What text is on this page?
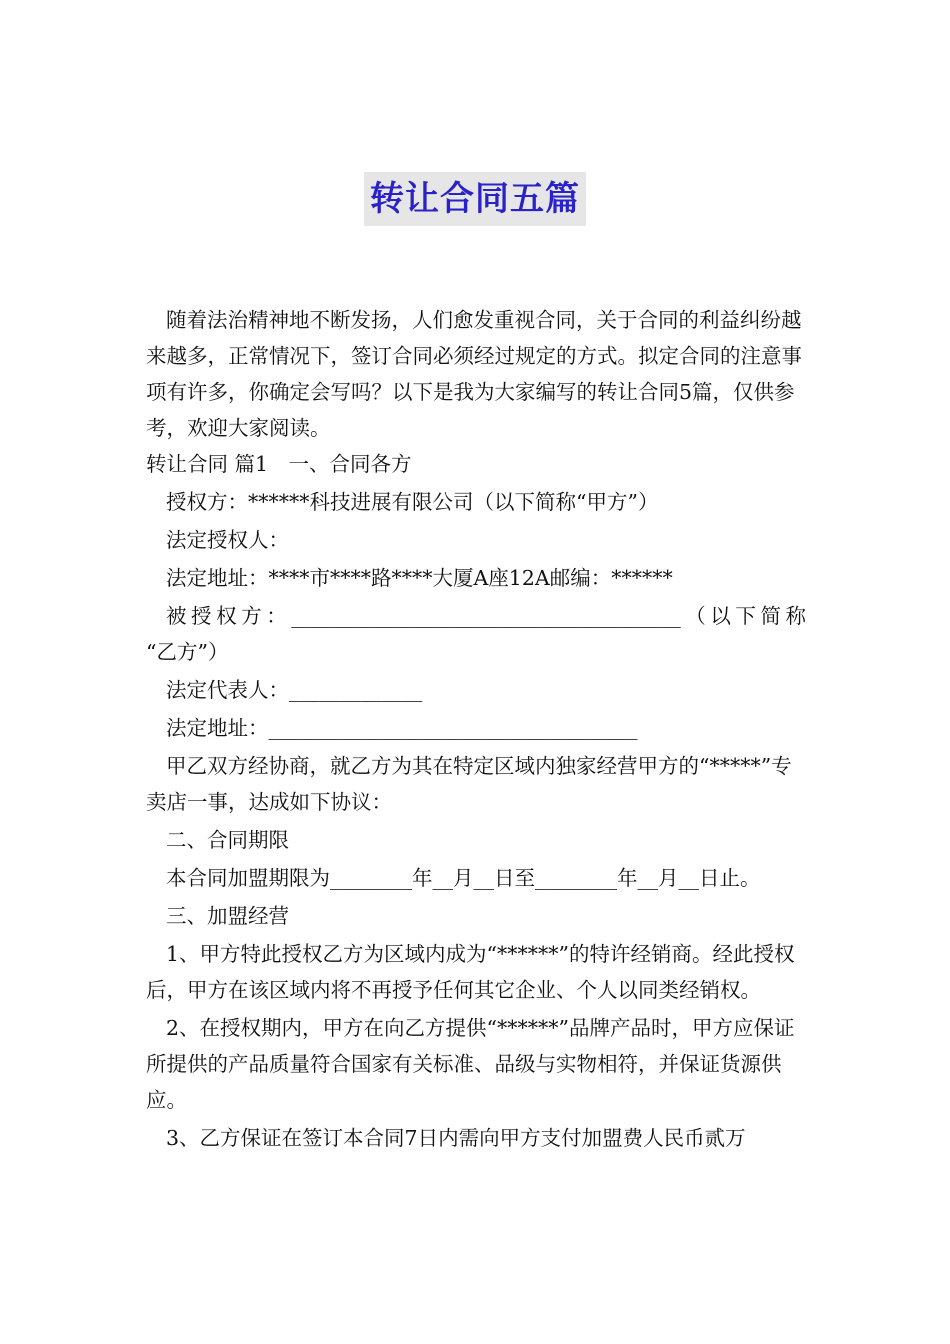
转让合同五篇

随着法治精神地不断发扬，人们愈发重视合同，关于合同的利益纠纷越来越多，正常情况下，签订合同必须经过规定的方式。拟定合同的注意事项有许多，你确定会写吗？以下是我为大家编写的转让合同5篇，仅供参考，欢迎大家阅读。

转让合同 篇1　一、合同各方

授权方：******科技进展有限公司（以下简称“甲方”）

法定授权人：

法定地址：****市****路****大厦A座12A邮编：******

被授权方：______________________________________（以下简称

“乙方”）

法定代表人：_____________

法定地址：____________________________________

甲乙双方经协商，就乙方为其在特定区域内独家经营甲方的“*****”专卖店一事，达成如下协议：

二、合同期限

本合同加盟期限为________年__月__日至________年__月__日止。

三、加盟经营

1、甲方特此授权乙方为区域内成为“******”的特许经销商。经此授权后，甲方在该区域内将不再授予任何其它企业、个人以同类经销权。

2、在授权期内，甲方在向乙方提供“******”品牌产品时，甲方应保证所提供的产品质量符合国家有关标准、品级与实物相符，并保证货源供应。

3、乙方保证在签订本合同7日内需向甲方支付加盟费人民币贰万
